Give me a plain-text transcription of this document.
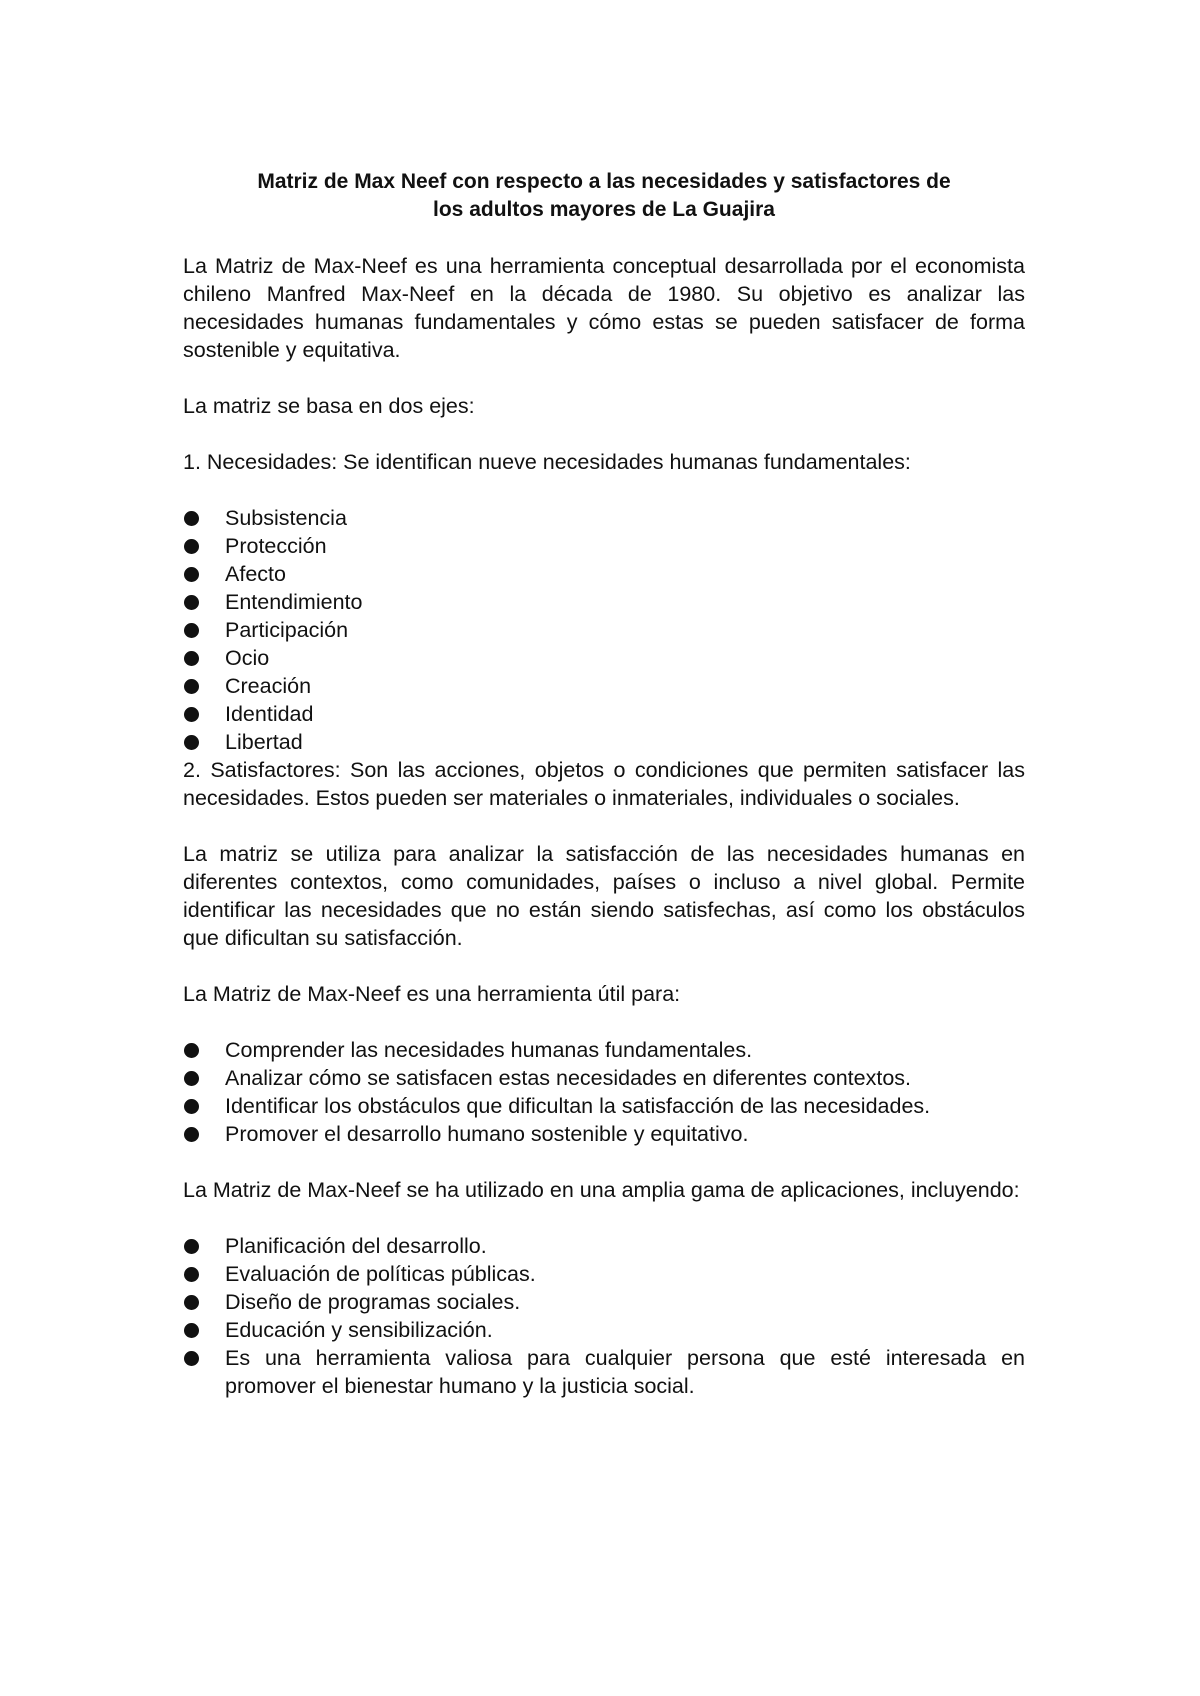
Matriz de Max Neef con respecto a las necesidades y satisfactores de
los adultos mayores de La Guajira

La Matriz de Max-Neef es una herramienta conceptual desarrollada por el economista chileno Manfred Max-Neef en la década de 1980. Su objetivo es analizar las necesidades humanas fundamentales y cómo estas se pueden satisfacer de forma sostenible y equitativa.

La matriz se basa en dos ejes:

1. Necesidades: Se identifican nueve necesidades humanas fundamentales:

Subsistencia
Protección
Afecto
Entendimiento
Participación
Ocio
Creación
Identidad
Libertad

2. Satisfactores: Son las acciones, objetos o condiciones que permiten satisfacer las necesidades. Estos pueden ser materiales o inmateriales, individuales o sociales.

La matriz se utiliza para analizar la satisfacción de las necesidades humanas en diferentes contextos, como comunidades, países o incluso a nivel global. Permite identificar las necesidades que no están siendo satisfechas, así como los obstáculos que dificultan su satisfacción.

La Matriz de Max-Neef es una herramienta útil para:

Comprender las necesidades humanas fundamentales.
Analizar cómo se satisfacen estas necesidades en diferentes contextos.
Identificar los obstáculos que dificultan la satisfacción de las necesidades.
Promover el desarrollo humano sostenible y equitativo.

La Matriz de Max-Neef se ha utilizado en una amplia gama de aplicaciones, incluyendo:

Planificación del desarrollo.
Evaluación de políticas públicas.
Diseño de programas sociales.
Educación y sensibilización.
Es una herramienta valiosa para cualquier persona que esté interesada en promover el bienestar humano y la justicia social.
